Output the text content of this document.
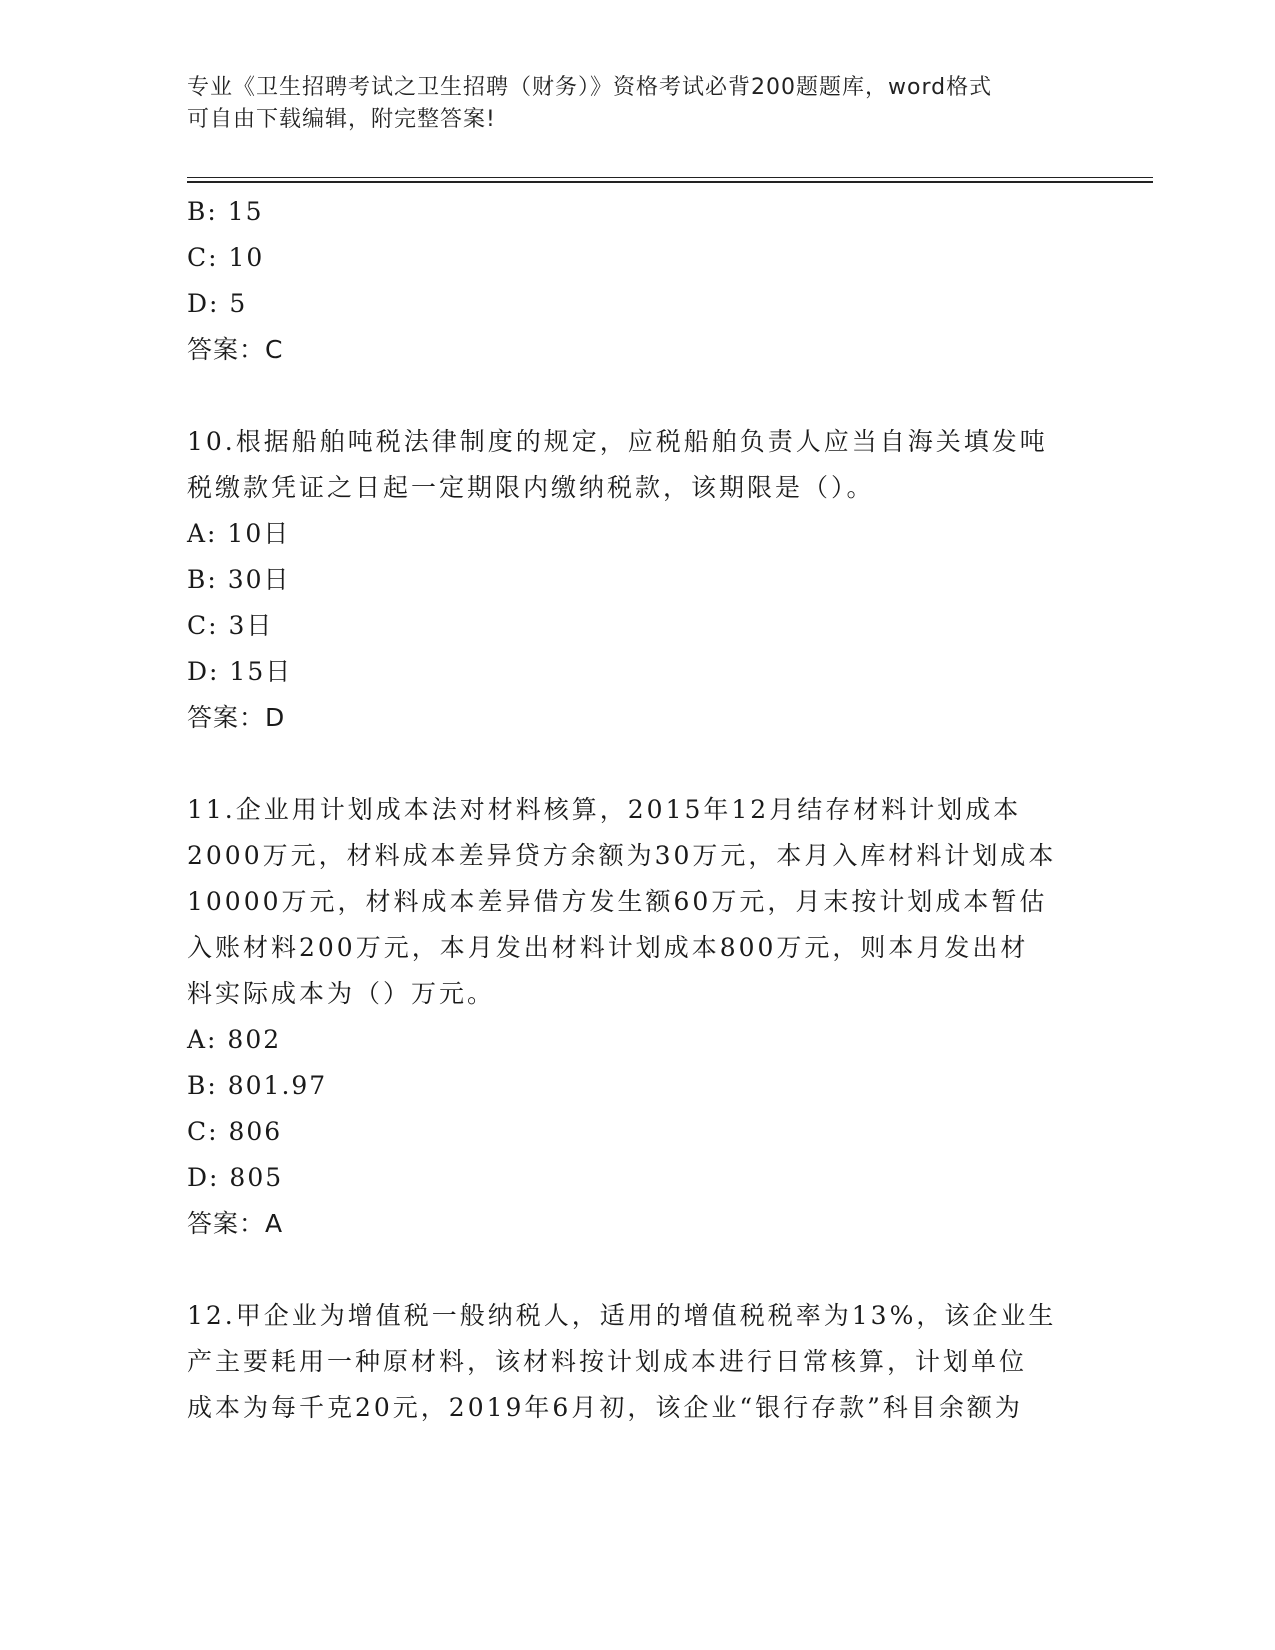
专业《卫生招聘考试之卫生招聘（财务）》资格考试必背200题题库，word格式
可自由下载编辑，附完整答案!
B: 15
C: 10
D: 5
答案：C
10.根据船舶吨税法律制度的规定，应税船舶负责人应当自海关填发吨
税缴款凭证之日起一定期限内缴纳税款，该期限是（）。
A: 10日
B: 30日
C: 3日
D: 15日
答案：D
11.企业用计划成本法对材料核算，2015年12月结存材料计划成本
2000万元，材料成本差异贷方余额为30万元，本月入库材料计划成本
10000万元，材料成本差异借方发生额60万元，月末按计划成本暂估
入账材料200万元，本月发出材料计划成本800万元，则本月发出材
料实际成本为（）万元。
A: 802
B: 801.97
C: 806
D: 805
答案：A
12.甲企业为增值税一般纳税人，适用的增值税税率为13%，该企业生
产主要耗用一种原材料，该材料按计划成本进行日常核算，计划单位
成本为每千克20元，2019年6月初，该企业“银行存款”科目余额为
